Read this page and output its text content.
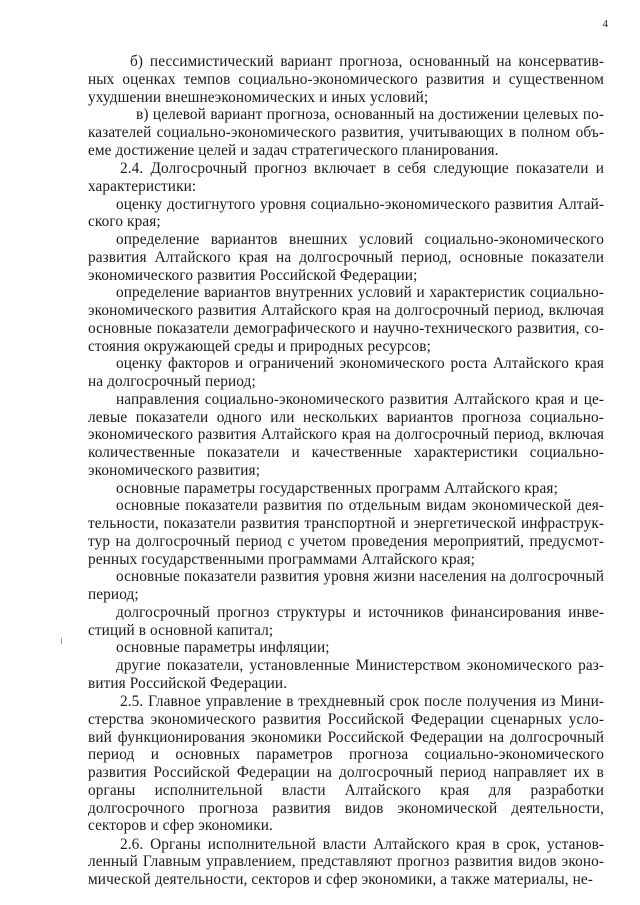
4

б) пессимистический вариант прогноза, основанный на консервативных оценках темпов социально-экономического развития и существенном ухудшении внешнеэкономических и иных условий;

в) целевой вариант прогноза, основанный на достижении целевых показателей социально-экономического развития, учитывающих в полном объеме достижение целей и задач стратегического планирования.

2.4. Долгосрочный прогноз включает в себя следующие показатели и характеристики:

оценку достигнутого уровня социально-экономического развития Алтайского края;

определение вариантов внешних условий социально-экономического развития Алтайского края на долгосрочный период, основные показатели экономического развития Российской Федерации;

определение вариантов внутренних условий и характеристик социально-экономического развития Алтайского края на долгосрочный период, включая основные показатели демографического и научно-технического развития, состояния окружающей среды и природных ресурсов;

оценку факторов и ограничений экономического роста Алтайского края на долгосрочный период;

направления социально-экономического развития Алтайского края и целевые показатели одного или нескольких вариантов прогноза социально-экономического развития Алтайского края на долгосрочный период, включая количественные показатели и качественные характеристики социально-экономического развития;

основные параметры государственных программ Алтайского края;

основные показатели развития по отдельным видам экономической деятельности, показатели развития транспортной и энергетической инфраструктур на долгосрочный период с учетом проведения мероприятий, предусмотренных государственными программами Алтайского края;

основные показатели развития уровня жизни населения на долгосрочный период;

долгосрочный прогноз структуры и источников финансирования инвестиций в основной капитал;

основные параметры инфляции;

другие показатели, установленные Министерством экономического развития Российской Федерации.

2.5. Главное управление в трехдневный срок после получения из Министерства экономического развития Российской Федерации сценарных условий функционирования экономики Российской Федерации на долгосрочный период и основных параметров прогноза социально-экономического развития Российской Федерации на долгосрочный период направляет их в органы исполнительной власти Алтайского края для разработки долгосрочного прогноза развития видов экономической деятельности, секторов и сфер экономики.

2.6. Органы исполнительной власти Алтайского края в срок, установленный Главным управлением, представляют прогноз развития видов экономической деятельности, секторов и сфер экономики, а также материалы, не-
